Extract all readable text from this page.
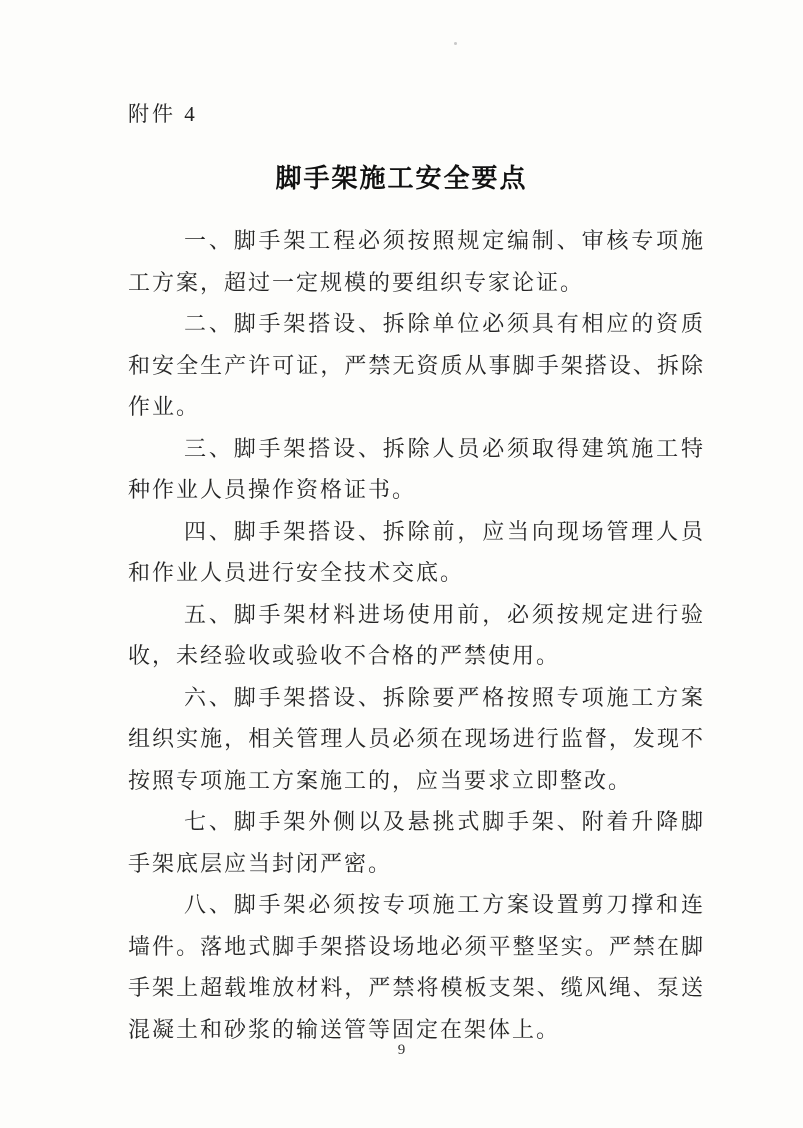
附件 4
脚手架施工安全要点

一、脚手架工程必须按照规定编制、审核专项施工方案，超过一定规模的要组织专家论证。

二、脚手架搭设、拆除单位必须具有相应的资质和安全生产许可证，严禁无资质从事脚手架搭设、拆除作业。

三、脚手架搭设、拆除人员必须取得建筑施工特种作业人员操作资格证书。

四、脚手架搭设、拆除前，应当向现场管理人员和作业人员进行安全技术交底。

五、脚手架材料进场使用前，必须按规定进行验收，未经验收或验收不合格的严禁使用。

六、脚手架搭设、拆除要严格按照专项施工方案组织实施，相关管理人员必须在现场进行监督，发现不按照专项施工方案施工的，应当要求立即整改。

七、脚手架外侧以及悬挑式脚手架、附着升降脚手架底层应当封闭严密。

八、脚手架必须按专项施工方案设置剪刀撑和连墙件。落地式脚手架搭设场地必须平整坚实。严禁在脚手架上超载堆放材料，严禁将模板支架、缆风绳、泵送混凝土和砂浆的输送管等固定在架体上。

9
